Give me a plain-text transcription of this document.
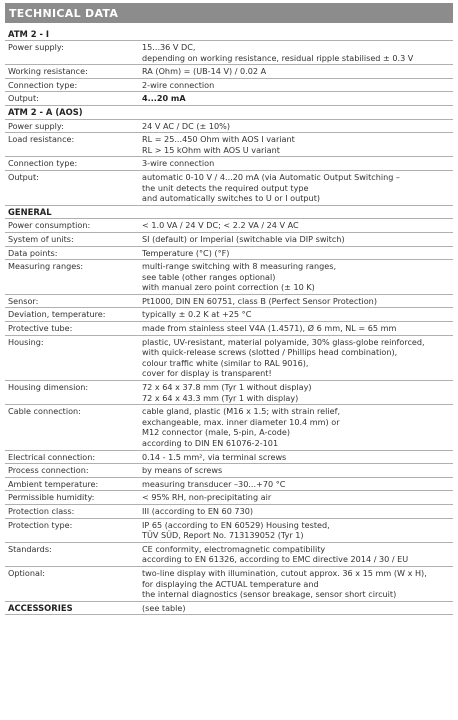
TECHNICAL DATA
ATM 2 - I
Power supply:	15...36 V DC,
depending on working resistance, residual ripple stabilised ± 0.3 V
Working resistance:	RA (Ohm) = (UB-14 V) / 0.02 A
Connection type:	2-wire connection
Output:	4...20 mA
ATM 2 - A (AOS)
Power supply:	24 V AC / DC (± 10%)
Load resistance:	RL = 25...450 Ohm with AOS I variant
RL > 15 kOhm with AOS U variant
Connection type:	3-wire connection
Output:	automatic 0-10 V / 4...20 mA (via Automatic Output Switching –
the unit detects the required output type
and automatically switches to U or I output)
GENERAL
Power consumption:	< 1.0 VA / 24 V DC; < 2.2 VA / 24 V AC
System of units:	SI (default) or Imperial (switchable via DIP switch)
Data points:	Temperature (°C) (°F)
Measuring ranges:	multi-range switching with 8 measuring ranges,
see table (other ranges optional)
with manual zero point correction (± 10 K)
Sensor:	Pt1000, DIN EN 60751, class B (Perfect Sensor Protection)
Deviation, temperature:	typically ± 0.2 K at +25 °C
Protective tube:	made from stainless steel V4A (1.4571), Ø 6 mm, NL = 65 mm
Housing:	plastic, UV-resistant, material polyamide, 30% glass-globe reinforced,
with quick-release screws (slotted / Phillips head combination),
colour traffic white (similar to RAL 9016),
cover for display is transparent!
Housing dimension:	72 x 64 x 37.8 mm (Tyr 1 without display)
72 x 64 x 43.3 mm (Tyr 1 with display)
Cable connection:	cable gland, plastic (M16 x 1.5; with strain relief,
exchangeable, max. inner diameter 10.4 mm) or
M12 connector (male, 5-pin, A-code)
according to DIN EN 61076-2-101
Electrical connection:	0.14 - 1.5 mm², via terminal screws
Process connection:	by means of screws
Ambient temperature:	measuring transducer –30...+70 °C
Permissible humidity:	< 95% RH, non-precipitating air
Protection class:	III (according to EN 60 730)
Protection type:	IP 65 (according to EN 60529) Housing tested,
TÜV SÜD, Report No. 713139052 (Tyr 1)
Standards:	CE conformity, electromagnetic compatibility
according to EN 61326, according to EMC directive 2014 / 30 / EU
Optional:	two-line display with illumination, cutout approx. 36 x 15 mm (W x H),
for displaying the ACTUAL temperature and
the internal diagnostics (sensor breakage, sensor short circuit)
ACCESSORIES	(see table)
